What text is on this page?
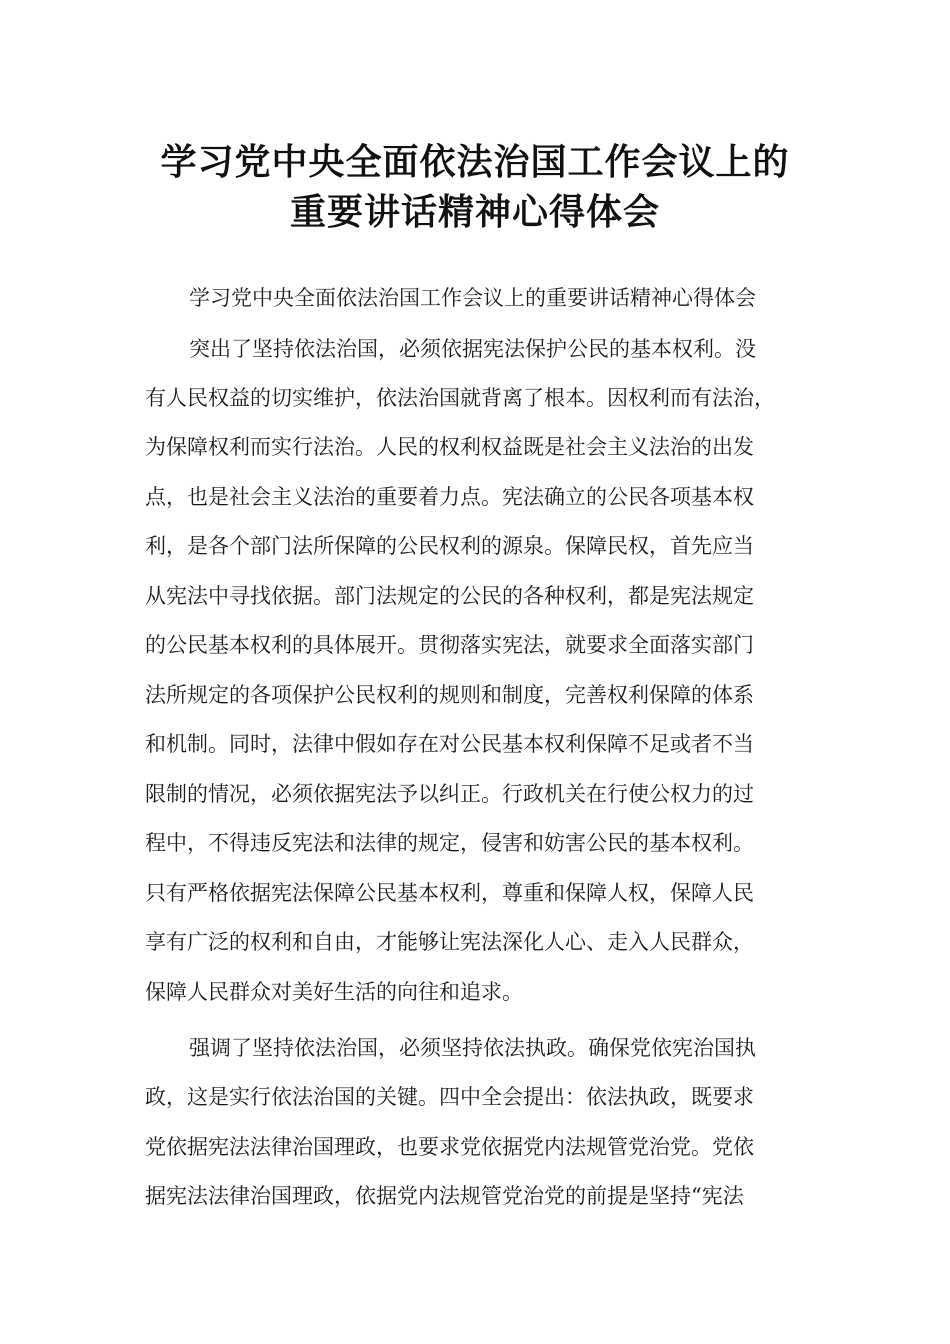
学习党中央全面依法治国工作会议上的
重要讲话精神心得体会
学习党中央全面依法治国工作会议上的重要讲话精神心得体会
突出了坚持依法治国，必须依据宪法保护公民的基本权利。没
有人民权益的切实维护，依法治国就背离了根本。因权利而有法治，
为保障权利而实行法治。人民的权利权益既是社会主义法治的出发
点，也是社会主义法治的重要着力点。宪法确立的公民各项基本权
利，是各个部门法所保障的公民权利的源泉。保障民权，首先应当
从宪法中寻找依据。部门法规定的公民的各种权利，都是宪法规定
的公民基本权利的具体展开。贯彻落实宪法，就要求全面落实部门
法所规定的各项保护公民权利的规则和制度，完善权利保障的体系
和机制。同时，法律中假如存在对公民基本权利保障不足或者不当
限制的情况，必须依据宪法予以纠正。行政机关在行使公权力的过
程中，不得违反宪法和法律的规定，侵害和妨害公民的基本权利。
只有严格依据宪法保障公民基本权利，尊重和保障人权，保障人民
享有广泛的权利和自由，才能够让宪法深化人心、走入人民群众，
保障人民群众对美好生活的向往和追求。
强调了坚持依法治国，必须坚持依法执政。确保党依宪治国执
政，这是实行依法治国的关键。四中全会提出：依法执政，既要求
党依据宪法法律治国理政，也要求党依据党内法规管党治党。党依
据宪法法律治国理政，依据党内法规管党治党的前提是坚持“宪法
